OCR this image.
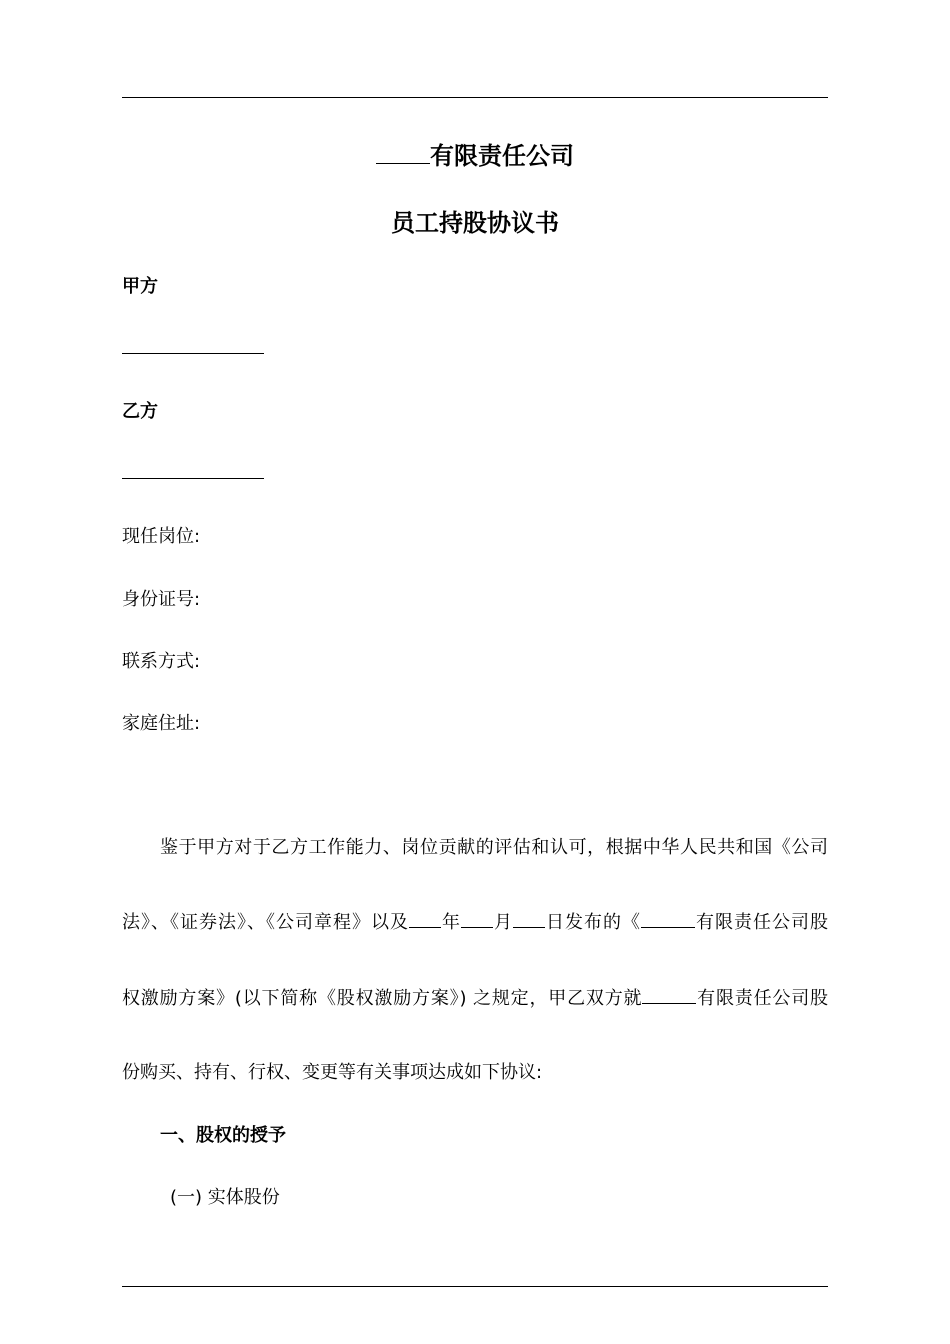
有限责任公司
员工持股协议书
甲方
乙方
现任岗位:
身份证号:
联系方式:
家庭住址:
鉴于甲方对于乙方工作能力、岗位贡献的评估和认可，根据中华人民共和国《公司
法》、《证券法》、《公司章程》以及 年 月 日发布的《	有限责任公司股
权激励方案》(以下简称《股权激励方案》) 之规定，甲乙双方就	有限责任公司股
份购买、持有、行权、变更等有关事项达成如下协议:
一、股权的授予
(一) 实体股份
